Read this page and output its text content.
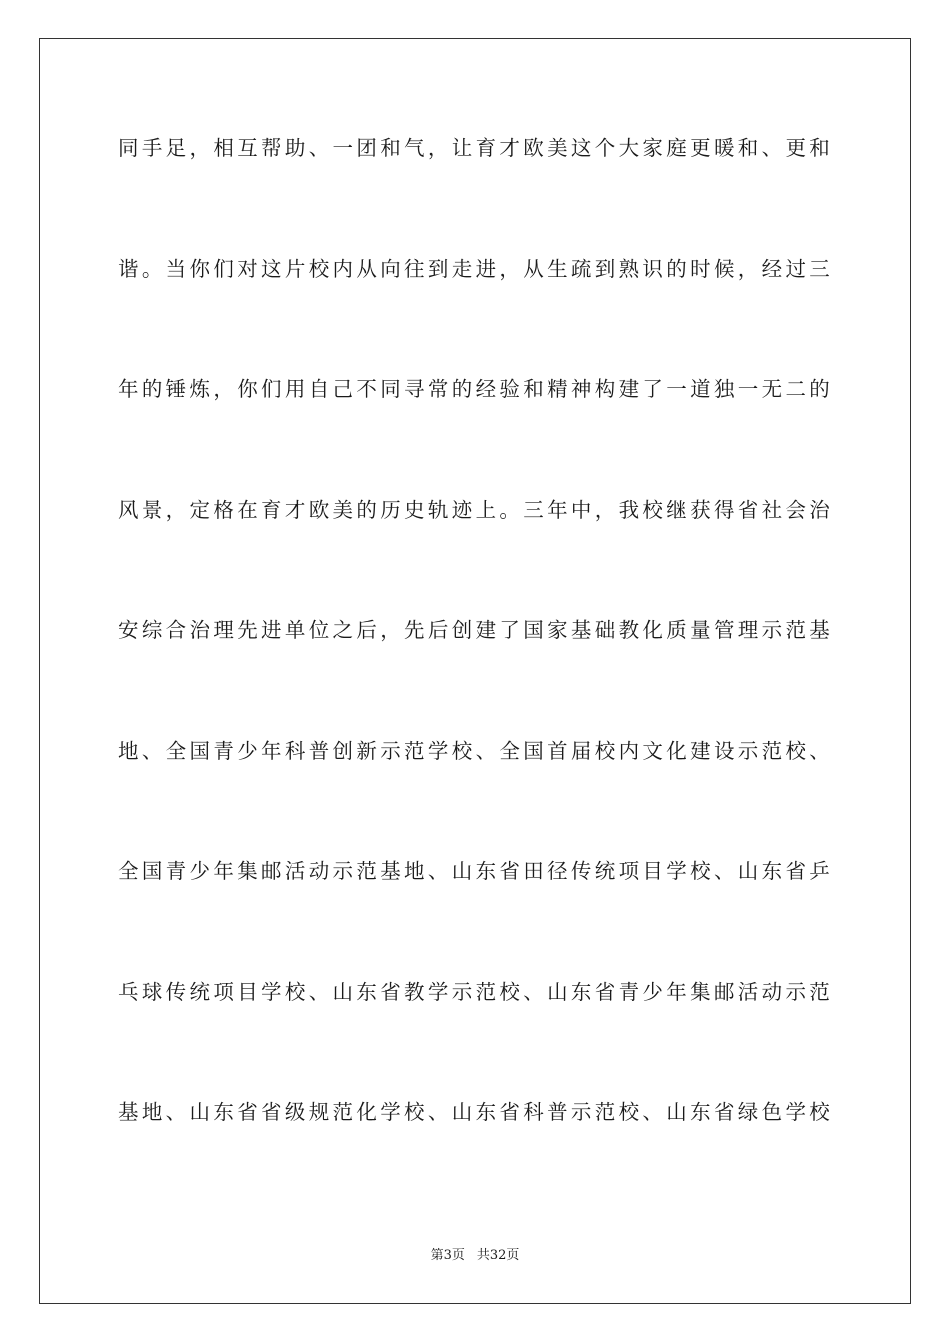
同手足，相互帮助、一团和气，让育才欧美这个大家庭更暖和、更和
谐。当你们对这片校内从向往到走进，从生疏到熟识的时候，经过三
年的锤炼，你们用自己不同寻常的经验和精神构建了一道独一无二的
风景，定格在育才欧美的历史轨迹上。三年中，我校继获得省社会治
安综合治理先进单位之后，先后创建了国家基础教化质量管理示范基
地、全国青少年科普创新示范学校、全国首届校内文化建设示范校、
全国青少年集邮活动示范基地、山东省田径传统项目学校、山东省乒
乓球传统项目学校、山东省教学示范校、山东省青少年集邮活动示范
基地、山东省省级规范化学校、山东省科普示范校、山东省绿色学校
第3页 共32页
